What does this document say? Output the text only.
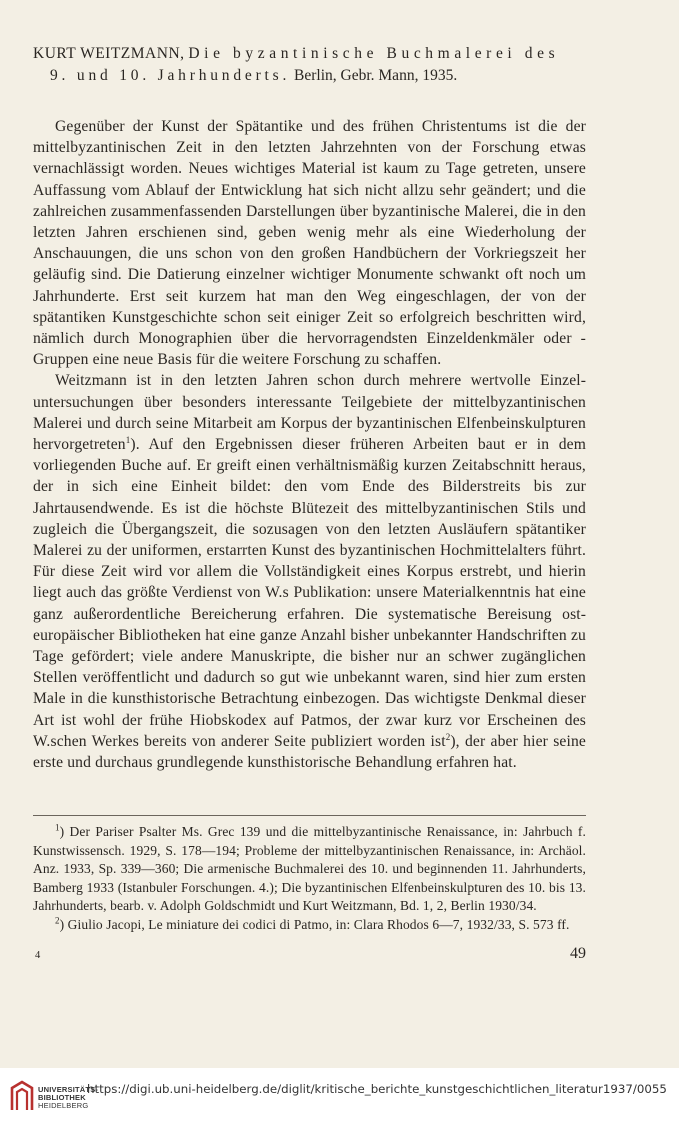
KURT WEITZMANN, Die byzantinische Buchmalerei des
9. und 10. Jahrhunderts. Berlin, Gebr. Mann, 1935.

Gegenüber der Kunst der Spätantike und des frühen Christentums ist die der mittelbyzantinischen Zeit in den letzten Jahrzehnten von der Forschung etwas vernachlässigt worden. Neues wichtiges Material ist kaum zu Tage getreten, unsere Auffassung vom Ablauf der Entwicklung hat sich nicht allzu sehr geändert; und die zahlreichen zusammenfassenden Darstellungen über byzantinische Malerei, die in den letzten Jahren erschienen sind, geben wenig mehr als eine Wiederholung der Anschauungen, die uns schon von den großen Handbüchern der Vorkriegszeit her geläufig sind. Die Datierung einzelner wichtiger Monumente schwankt oft noch um Jahrhunderte. Erst seit kurzem hat man den Weg eingeschlagen, der von der spätantiken Kunstgeschichte schon seit einiger Zeit so erfolgreich beschritten wird, nämlich durch Monographien über die hervorragendsten Einzeldenkmäler oder -Gruppen eine neue Basis für die weitere Forschung zu schaffen.

Weitzmann ist in den letzten Jahren schon durch mehrere wertvolle Einzeluntersuchungen über besonders interessante Teilgebiete der mittelbyzantinischen Malerei und durch seine Mitarbeit am Korpus der byzantinischen Elfenbeinskulpturen hervorgetreten$^1$). Auf den Ergebnissen dieser früheren Arbeiten baut er in dem vorliegenden Buche auf. Er greift einen verhältnismäßig kurzen Zeitabschnitt heraus, der in sich eine Einheit bildet: den vom Ende des Bilderstreits bis zur Jahrtausendwende. Es ist die höchste Blütezeit des mittelbyzantinischen Stils und zugleich die Übergangszeit, die sozusagen von den letzten Ausläufern spätantiker Malerei zu der uniformen, erstarrten Kunst des byzantinischen Hochmittelalters führt. Für diese Zeit wird vor allem die Vollständigkeit eines Korpus erstrebt, und hierin liegt auch das größte Verdienst von W.s Publikation: unsere Materialkenntnis hat eine ganz außerordentliche Bereicherung erfahren. Die systematische Bereisung osteuropäischer Bibliotheken hat eine ganze Anzahl bisher unbekannter Handschriften zu Tage gefördert; viele andere Manuskripte, die bisher nur an schwer zugänglichen Stellen veröffentlicht und dadurch so gut wie unbekannt waren, sind hier zum ersten Male in die kunsthistorische Betrachtung einbezogen. Das wichtigste Denkmal dieser Art ist wohl der frühe Hiobskodex auf Patmos, der zwar kurz vor Erscheinen des W.schen Werkes bereits von anderer Seite publiziert worden ist$^2$), der aber hier seine erste und durchaus grundlegende kunsthistorische Behandlung erfahren hat.

$^1$) Der Pariser Psalter Ms. Grec 139 und die mittelbyzantinische Renaissance, in: Jahrbuch f. Kunstwissensch. 1929, S. 178—194; Probleme der mittelbyzantinischen Renaissance, in: Archäol. Anz. 1933, Sp. 339—360; Die armenische Buchmalerei des 10. und beginnenden 11. Jahrhunderts, Bamberg 1933 (Istanbuler Forschungen. 4.); Die byzantinischen Elfenbeinskulpturen des 10. bis 13. Jahrhunderts, bearb. v. Adolph Goldschmidt und Kurt Weitzmann, Bd. 1, 2, Berlin 1930/34.

$^2$) Giulio Jacopi, Le miniature dei codici di Patmo, in: Clara Rhodos 6—7, 1932/33, S. 573 ff.

4	49
UNIVERSITÄTS-
BIBLIOTHEK
HEIDELBERG
https://digi.ub.uni-heidelberg.de/diglit/kritische_berichte_kunstgeschichtlichen_literatur1937/0055
